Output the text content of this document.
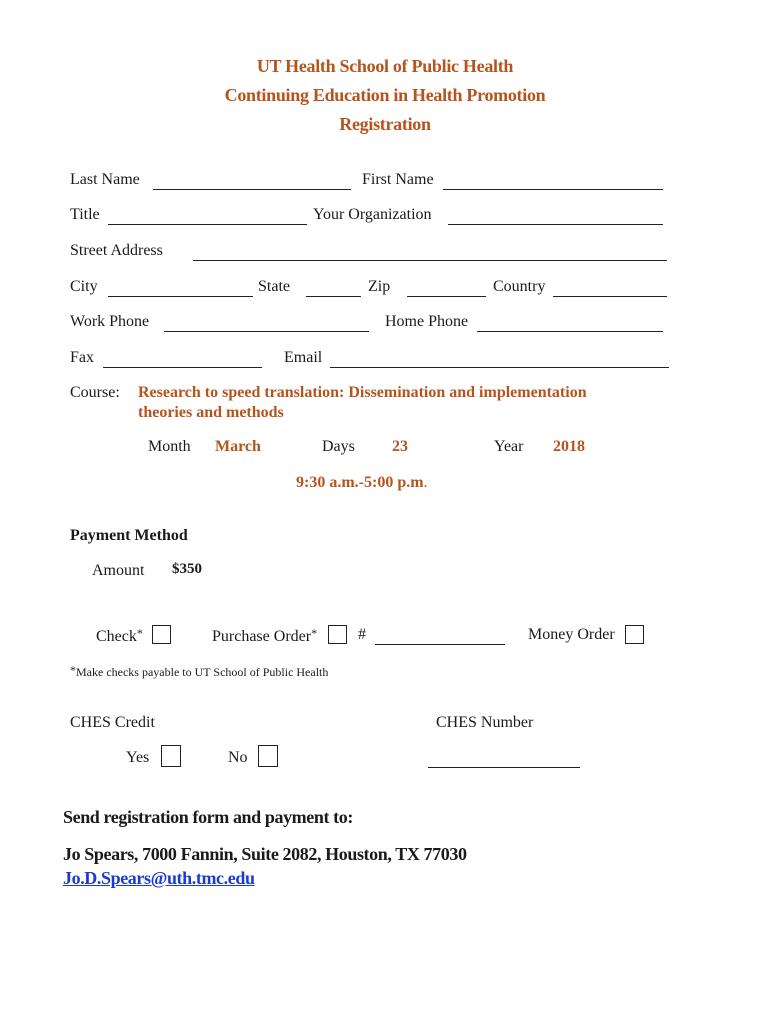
UT Health School of Public Health
Continuing Education in Health Promotion
Registration
Last Name	First Name
Title	Your Organization
Street Address
City	State	Zip	Country
Work Phone	Home Phone
Fax	Email
Course: Research to speed translation: Dissemination and implementation
theories and methods
Month March	Days 23	Year 2018
9:30 a.m.-5:00 p.m.
Payment Method
Amount $350
Check*	Purchase Order*	#	Money Order
*Make checks payable to UT School of Public Health
CHES Credit	CHES Number
Yes	No
Send registration form and payment to:
Jo Spears, 7000 Fannin, Suite 2082, Houston, TX 77030
Jo.D.Spears@uth.tmc.edu
